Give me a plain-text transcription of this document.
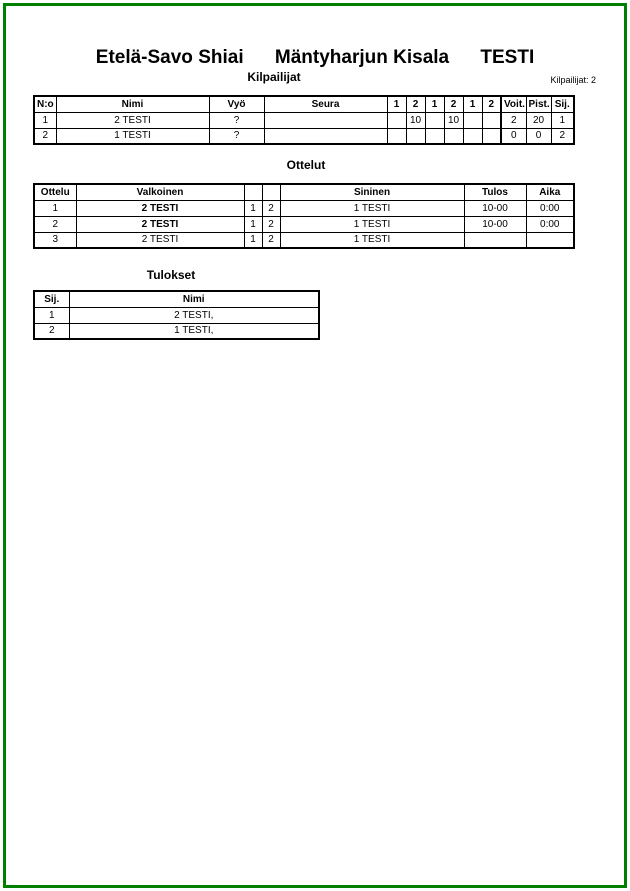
Etelä-Savo Shiai Mäntyharjun Kisala TESTI
Kilpailijat	Kilpailijat: 2
N:o	Nimi	Vyö	Seura	1	2	1	2	1	2	Voit.	Pist.	Sij.
1	2 TESTI	?			10		10			2	20	1
2	1 TESTI	?								0	0	2
Ottelut
Ottelu	Valkoinen			Sininen	Tulos	Aika
1	2 TESTI	1	2	1 TESTI	10-00	0:00
2	2 TESTI	1	2	1 TESTI	10-00	0:00
3	2 TESTI	1	2	1 TESTI		
Tulokset
Sij.	Nimi
1	2 TESTI,
2	1 TESTI,
